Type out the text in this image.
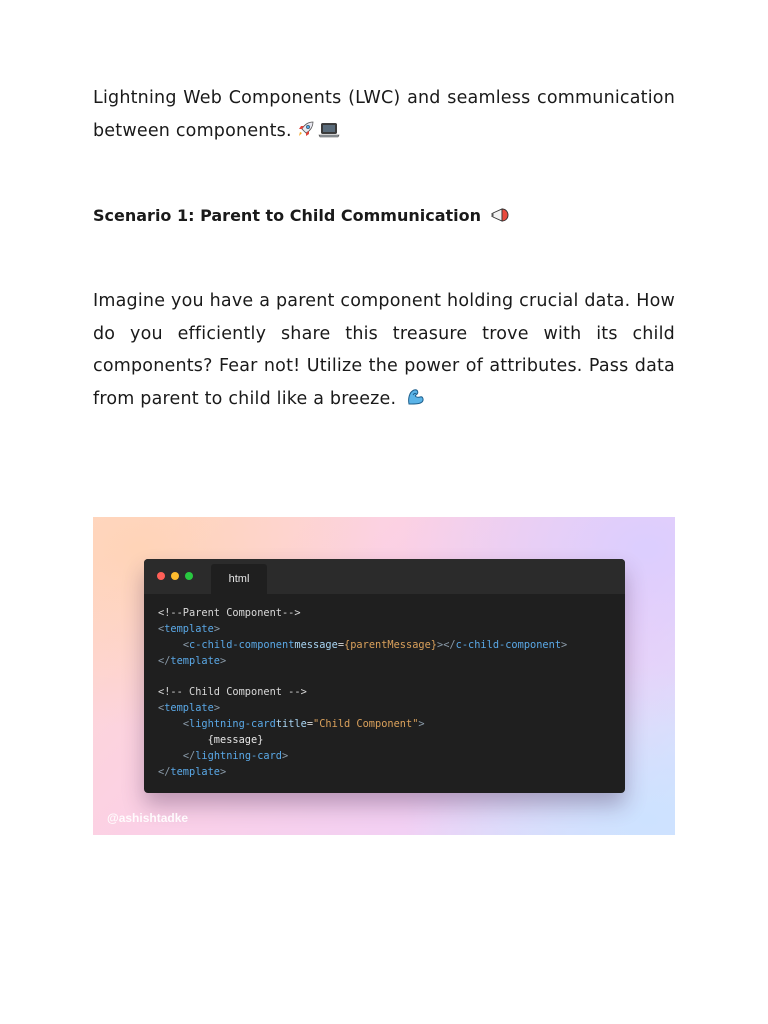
Lightning Web Components (LWC) and seamless communication between components.

Scenario 1: Parent to Child Communication

Imagine you have a parent component holding crucial data. How do you efficiently share this treasure trove with its child components? Fear not! Utilize the power of attributes. Pass data from parent to child like a breeze.

html
<!--Parent Component-->
<template>
<c-child-componentmessage={parentMessage}></c-child-component>
</template>
<!-- Child Component -->
<template>
<lightning-cardtitle="Child Component">
{message}
</lightning-card>
</template>
@ashishtadke
